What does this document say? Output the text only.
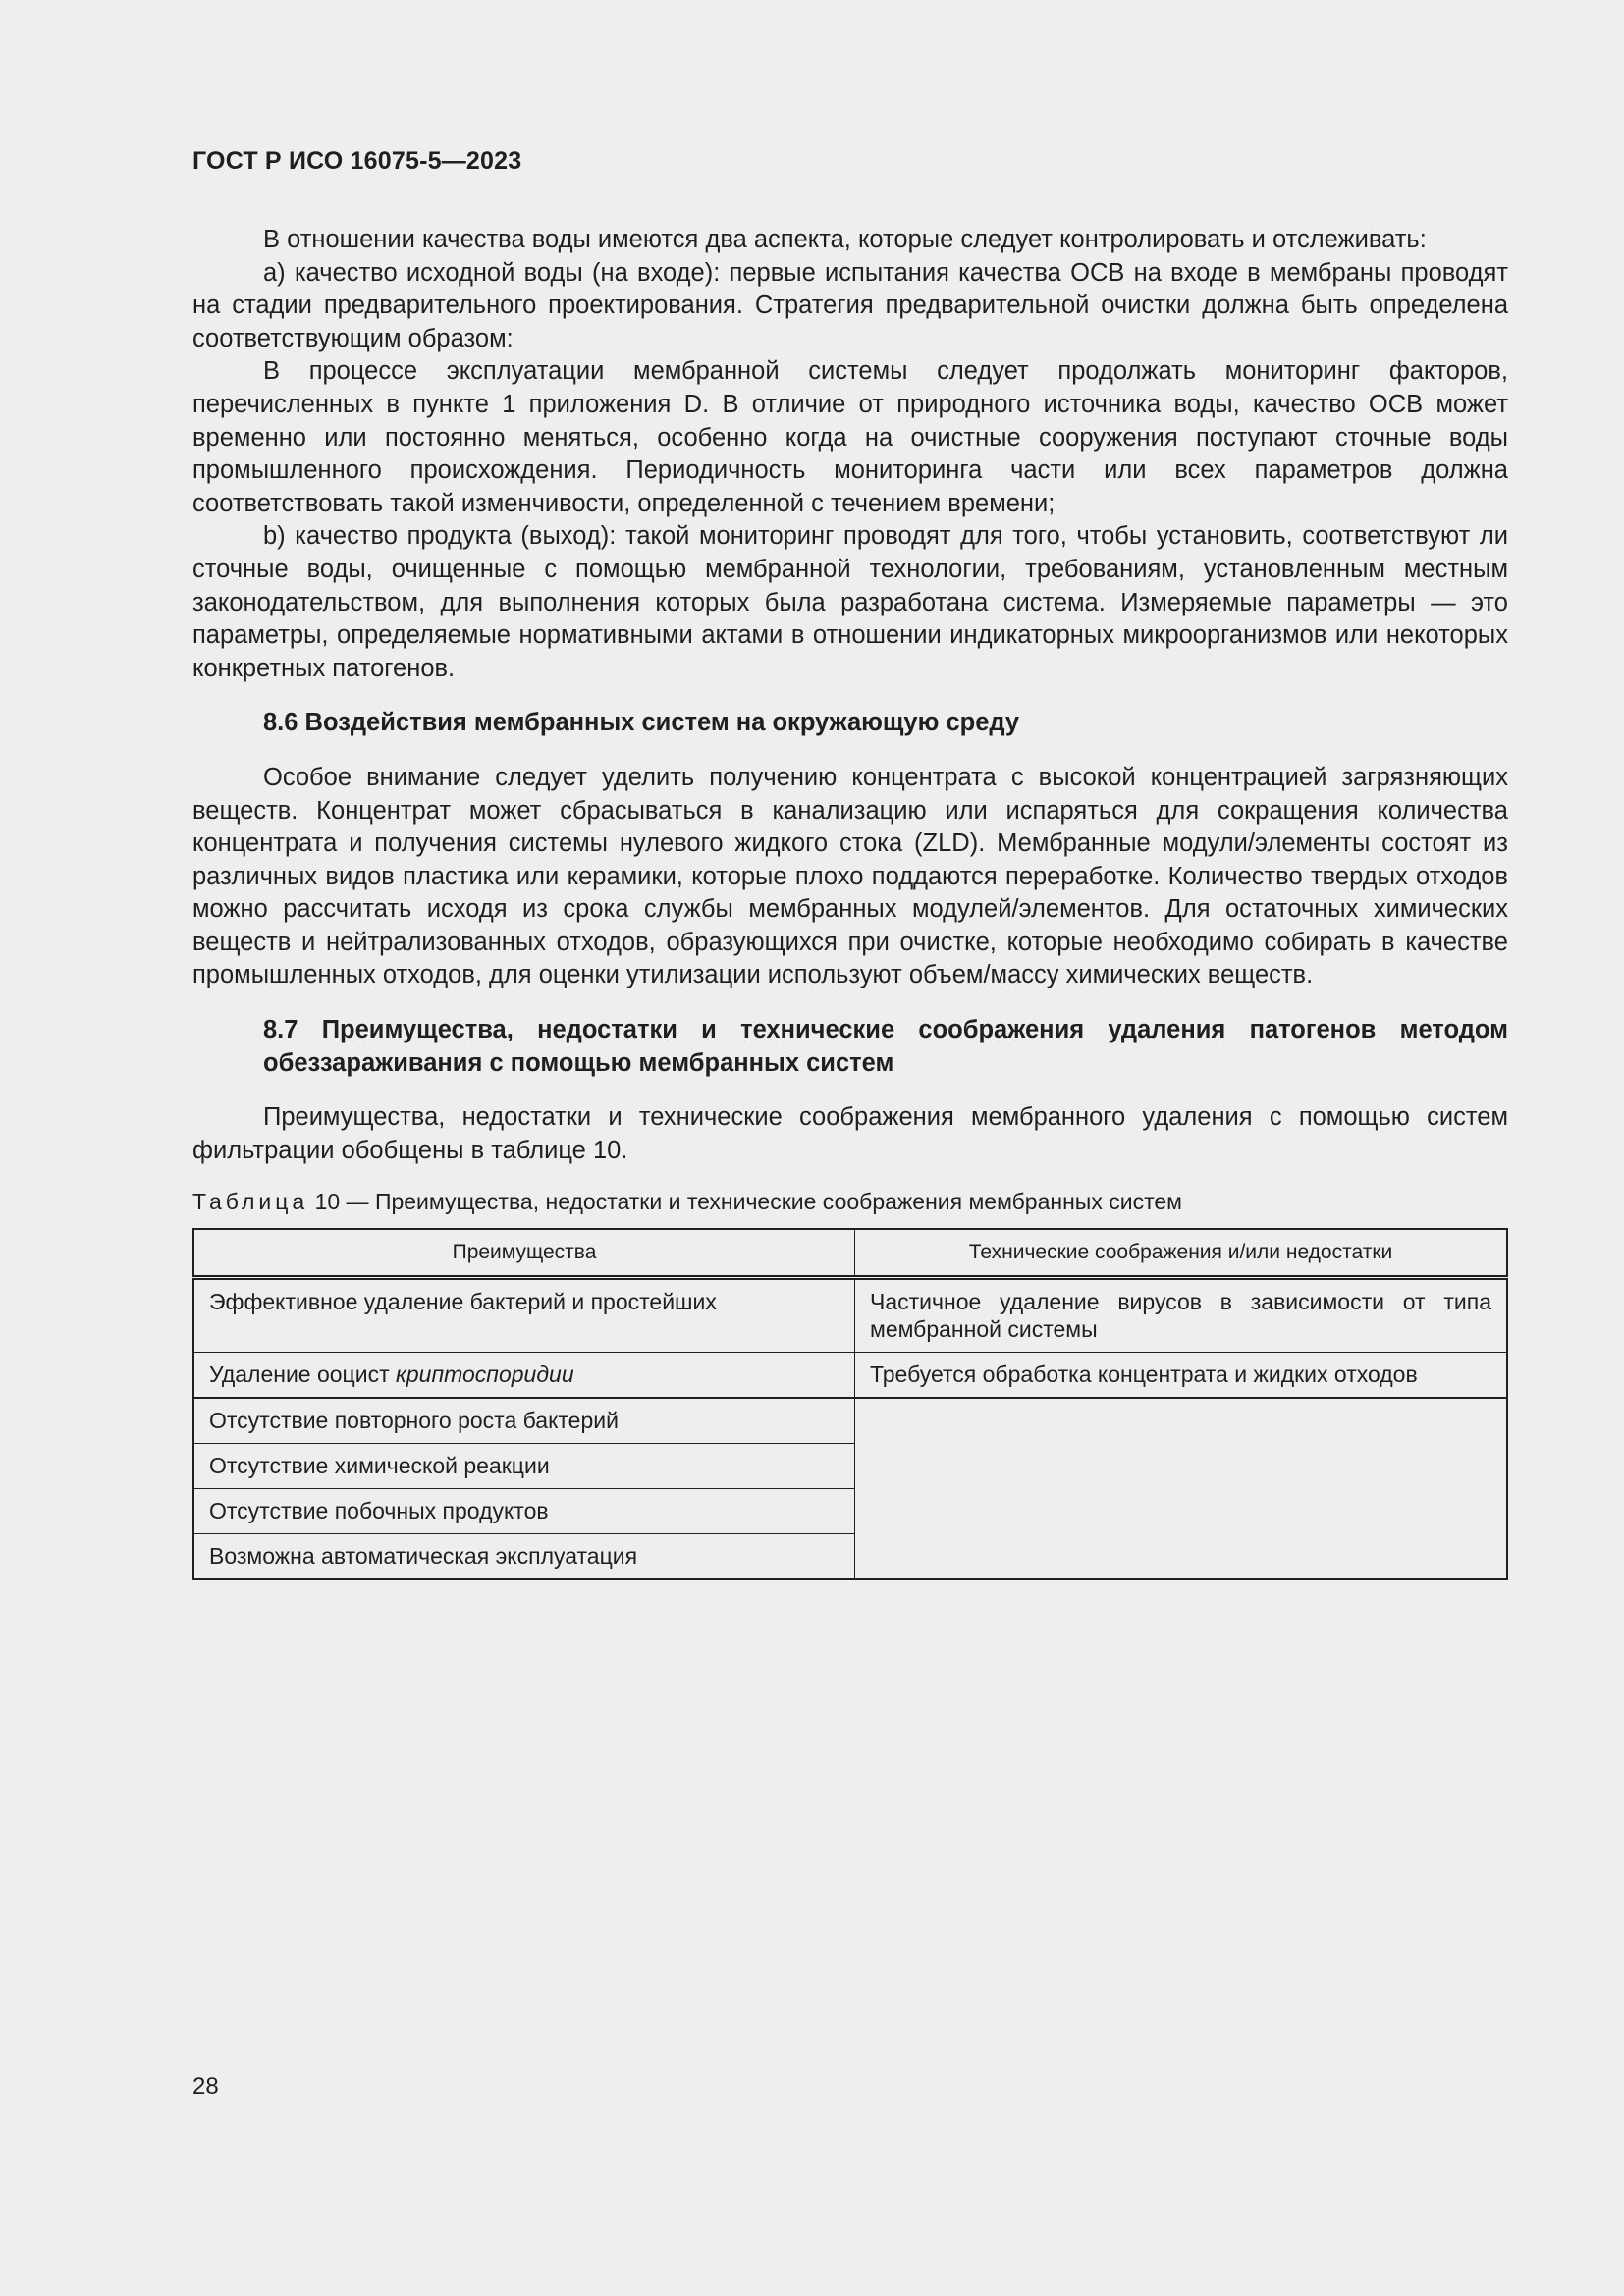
ГОСТ Р ИСО 16075-5—2023

В отношении качества воды имеются два аспекта, которые следует контролировать и отслеживать:

а) качество исходной воды (на входе): первые испытания качества ОСВ на входе в мембраны проводят на стадии предварительного проектирования. Стратегия предварительной очистки должна быть определена соответствующим образом:

В процессе эксплуатации мембранной системы следует продолжать мониторинг факторов, перечисленных в пункте 1 приложения D. В отличие от природного источника воды, качество ОСВ может временно или постоянно меняться, особенно когда на очистные сооружения поступают сточные воды промышленного происхождения. Периодичность мониторинга части или всех параметров должна соответствовать такой изменчивости, определенной с течением времени;

b) качество продукта (выход): такой мониторинг проводят для того, чтобы установить, соответствуют ли сточные воды, очищенные с помощью мембранной технологии, требованиям, установленным местным законодательством, для выполнения которых была разработана система. Измеряемые параметры — это параметры, определяемые нормативными актами в отношении индикаторных микроорганизмов или некоторых конкретных патогенов.

8.6 Воздействия мембранных систем на окружающую среду

Особое внимание следует уделить получению концентрата с высокой концентрацией загрязняющих веществ. Концентрат может сбрасываться в канализацию или испаряться для сокращения количества концентрата и получения системы нулевого жидкого стока (ZLD). Мембранные модули/элементы состоят из различных видов пластика или керамики, которые плохо поддаются переработке. Количество твердых отходов можно рассчитать исходя из срока службы мембранных модулей/элементов. Для остаточных химических веществ и нейтрализованных отходов, образующихся при очистке, которые необходимо собирать в качестве промышленных отходов, для оценки утилизации используют объем/массу химических веществ.

8.7 Преимущества, недостатки и технические соображения удаления патогенов методом обеззараживания с помощью мембранных систем

Преимущества, недостатки и технические соображения мембранного удаления с помощью систем фильтрации обобщены в таблице 10.

Таблица 10 — Преимущества, недостатки и технические соображения мембранных систем
Преимущества	Технические соображения и/или недостатки
Эффективное удаление бактерий и простейших	Частичное удаление вирусов в зависимости от типа мембранной системы
Удаление ооцист криптоспоридии	Требуется обработка концентрата и жидких отходов
Отсутствие повторного роста бактерий	
Отсутствие химической реакции	
Отсутствие побочных продуктов	
Возможна автоматическая эксплуатация	
28
